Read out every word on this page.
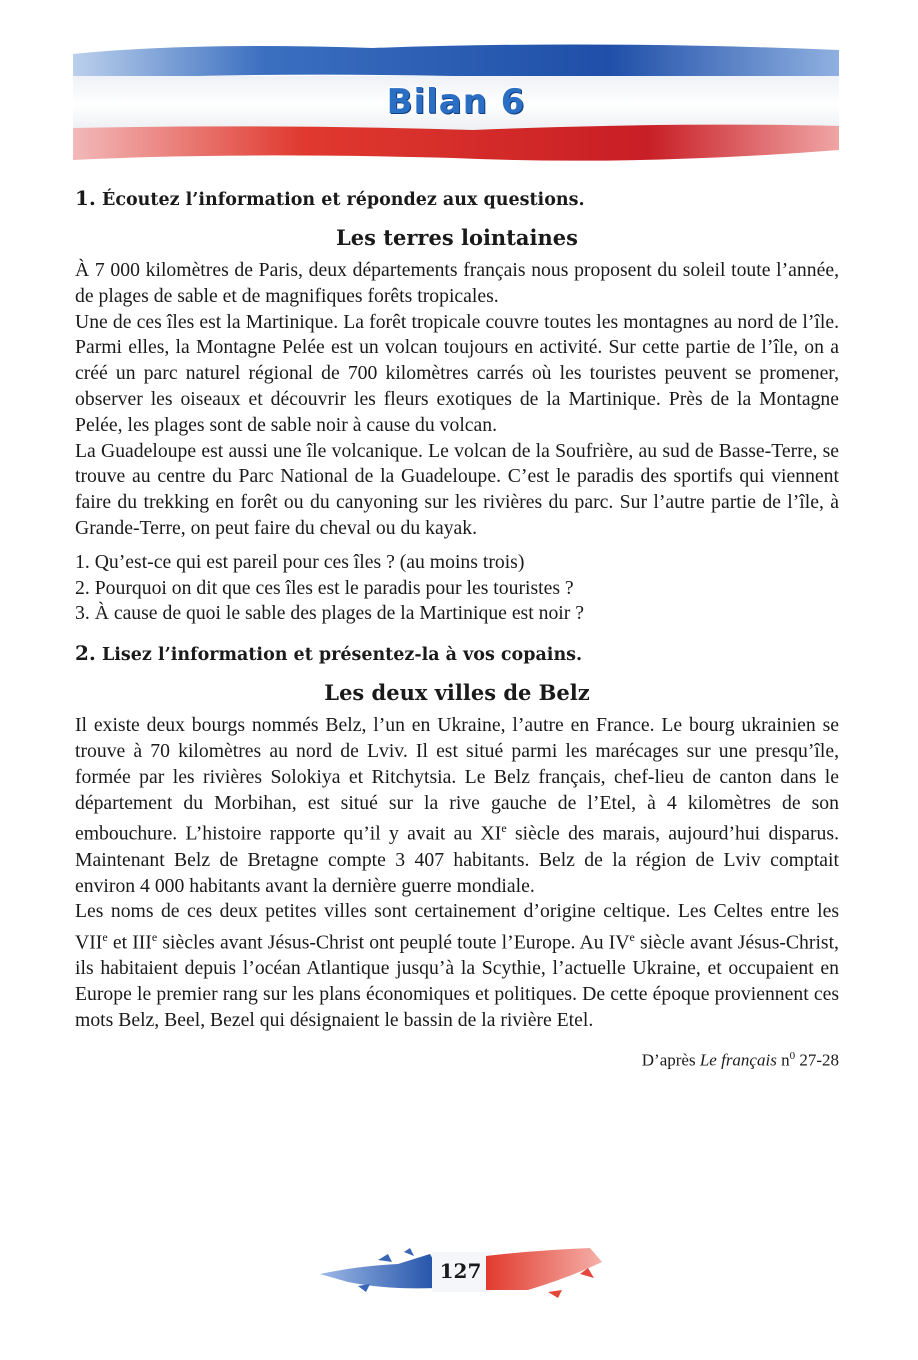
Bilan 6

1. Écoutez l’information et répondez aux questions.

Les terres lointaines

À 7 000 kilomètres de Paris, deux départements français nous proposent du soleil toute l’année, de plages de sable et de magnifiques forêts tropicales.

Une de ces îles est la Martinique. La forêt tropicale couvre toutes les montagnes au nord de l’île. Parmi elles, la Montagne Pelée est un volcan toujours en activité. Sur cette partie de l’île, on a créé un parc naturel régional de 700 kilomètres carrés où les touristes peuvent se promener, observer les oiseaux et découvrir les fleurs exotiques de la Martinique. Près de la Montagne Pelée, les plages sont de sable noir à cause du volcan.

La Guadeloupe est aussi une île volcanique. Le volcan de la Soufrière, au sud de Basse-Terre, se trouve au centre du Parc National de la Guadeloupe. C’est le paradis des sportifs qui viennent faire du trekking en forêt ou du canyoning sur les rivières du parc. Sur l’autre partie de l’île, à Grande-Terre, on peut faire du cheval ou du kayak.

1. Qu’est-ce qui est pareil pour ces îles ? (au moins trois)

2. Pourquoi on dit que ces îles est le paradis pour les touristes ?

3. À cause de quoi le sable des plages de la Martinique est noir ?

2. Lisez l’information et présentez-la à vos copains.

Les deux villes de Belz

Il existe deux bourgs nommés Belz, l’un en Ukraine, l’autre en France. Le bourg ukrainien se trouve à 70 kilomètres au nord de Lviv. Il est situé parmi les marécages sur une presqu’île, formée par les rivières Solokiya et Ritchytsia. Le Belz français, chef-lieu de canton dans le département du Morbihan, est situé sur la rive gauche de l’Etel, à 4 kilomètres de son embouchure. L’histoire rapporte qu’il y avait au XIe siècle des marais, aujourd’hui disparus. Maintenant Belz de Bretagne compte 3 407 habitants. Belz de la région de Lviv comptait environ 4 000 habitants avant la dernière guerre mondiale.

Les noms de ces deux petites villes sont certainement d’origine celtique. Les Celtes entre les VIIe et IIIe siècles avant Jésus-Christ ont peuplé toute l’Europe. Au IVe siècle avant Jésus-Christ, ils habitaient depuis l’océan Atlantique jusqu’à la Scythie, l’actuelle Ukraine, et occupaient en Europe le premier rang sur les plans économiques et politiques. De cette époque proviennent ces mots Belz, Beel, Bezel qui désignaient le bassin de la rivière Etel.

D’après Le français $n^0$ 27-28
127
